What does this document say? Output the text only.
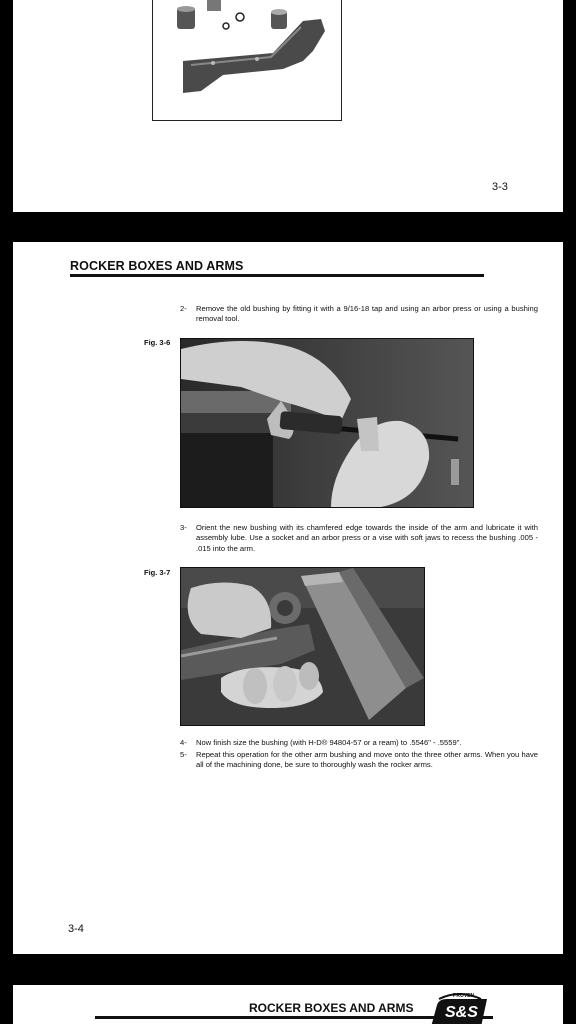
3-3
ROCKER BOXES AND ARMS
2- Remove the old bushing by fitting it with a 9/16-18 tap and using an arbor press or using a bushing removal tool.
Fig. 3-6
3- Orient the new bushing with its chamfered edge towards the inside of the arm and lubricate it with assembly lube. Use a socket and an arbor press or a vise with soft jaws to recess the bushing .005 - .015 into the arm.
Fig. 3-7
4- Now finish size the bushing (with H-D® 94804-57 or a ream) to .5546" - .5559".
5- Repeat this operation for the other arm bushing and move onto the three other arms. When you have all of the machining done, be sure to thoroughly wash the rocker arms.
3-4
ROCKER BOXES AND ARMS
PROVEN
S&S
